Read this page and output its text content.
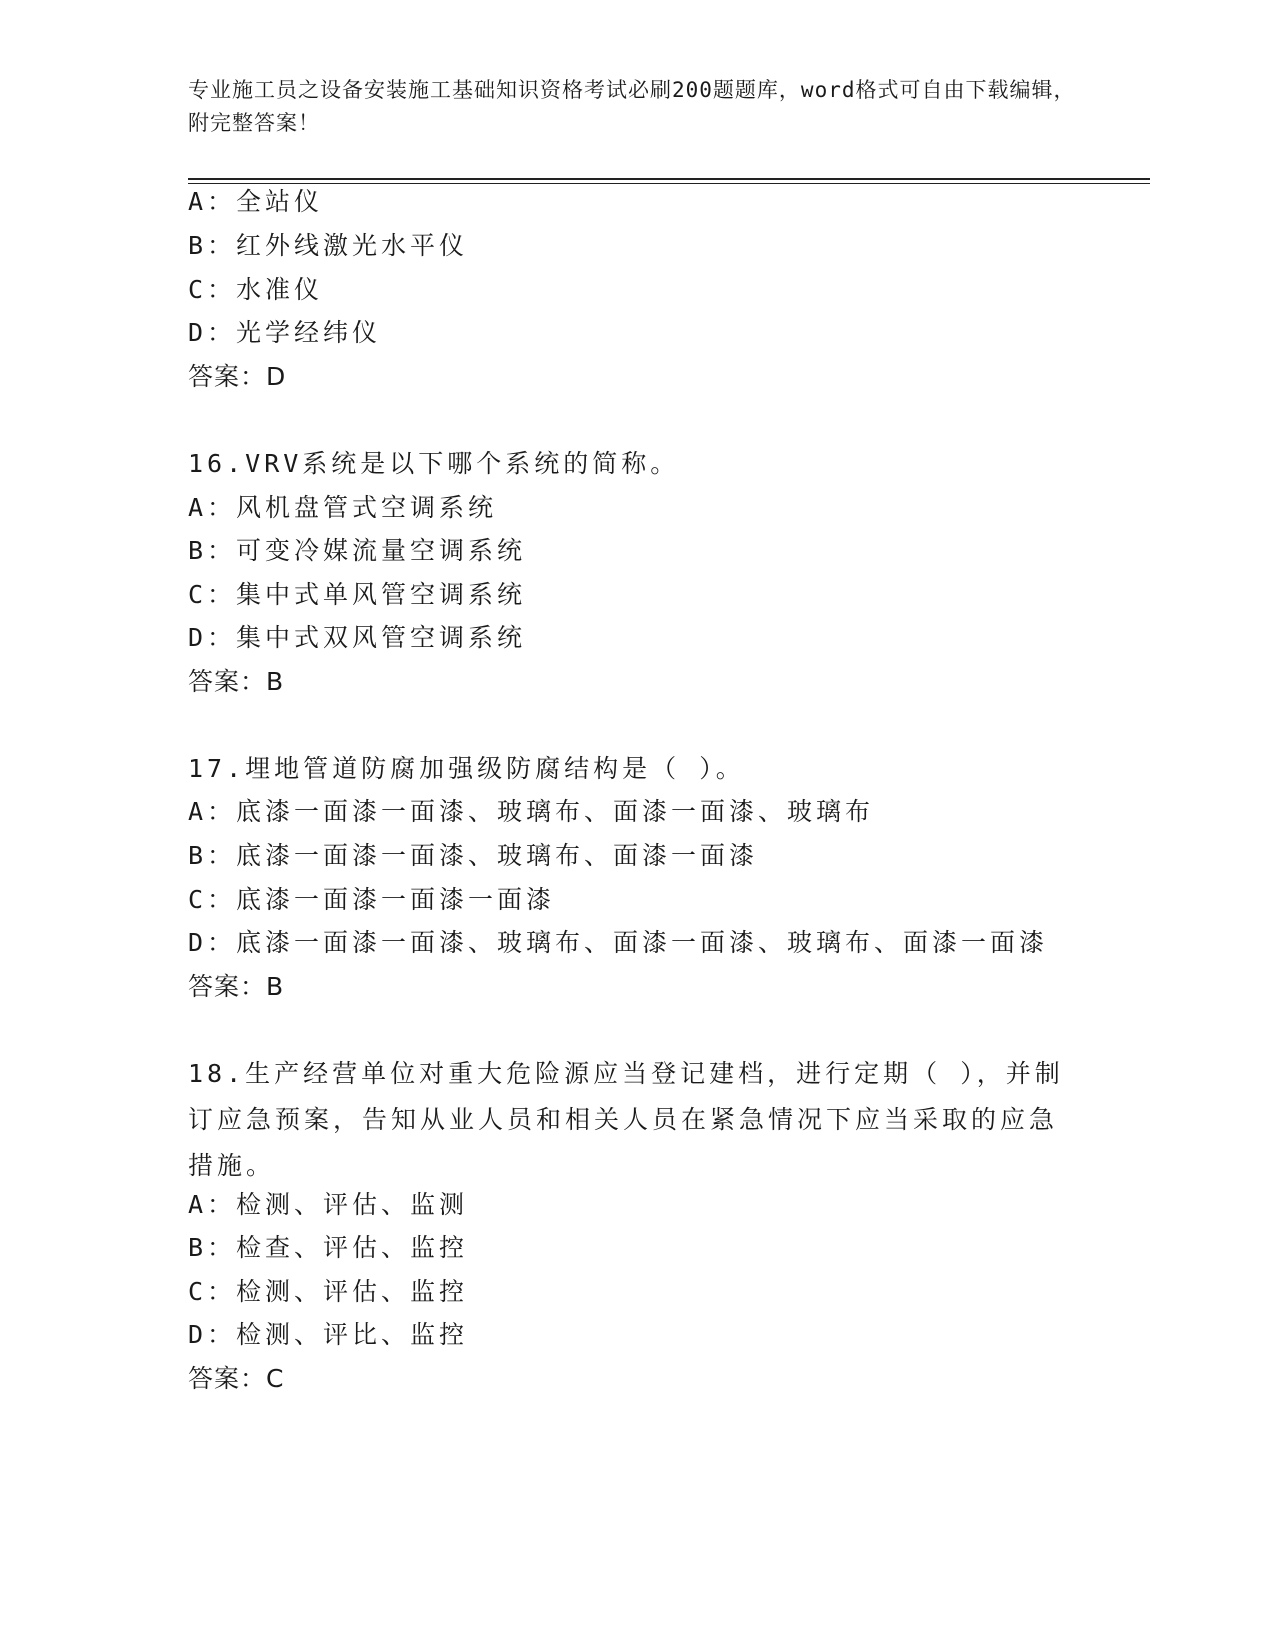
专业施工员之设备安装施工基础知识资格考试必刷200题题库，word格式可自由下载编辑，附完整答案！
A：全站仪
B：红外线激光水平仪
C：水准仪
D：光学经纬仪
答案：D
16.VRV系统是以下哪个系统的简称。
A：风机盘管式空调系统
B：可变冷媒流量空调系统
C：集中式单风管空调系统
D：集中式双风管空调系统
答案：B
17.埋地管道防腐加强级防腐结构是（ ）。
A：底漆一面漆一面漆、玻璃布、面漆一面漆、玻璃布
B：底漆一面漆一面漆、玻璃布、面漆一面漆
C：底漆一面漆一面漆一面漆
D：底漆一面漆一面漆、玻璃布、面漆一面漆、玻璃布、面漆一面漆
答案：B
18.生产经营单位对重大危险源应当登记建档，进行定期（ ），并制订应急预案，告知从业人员和相关人员在紧急情况下应当采取的应急措施。
A：检测、评估、监测
B：检查、评估、监控
C：检测、评估、监控
D：检测、评比、监控
答案：C
